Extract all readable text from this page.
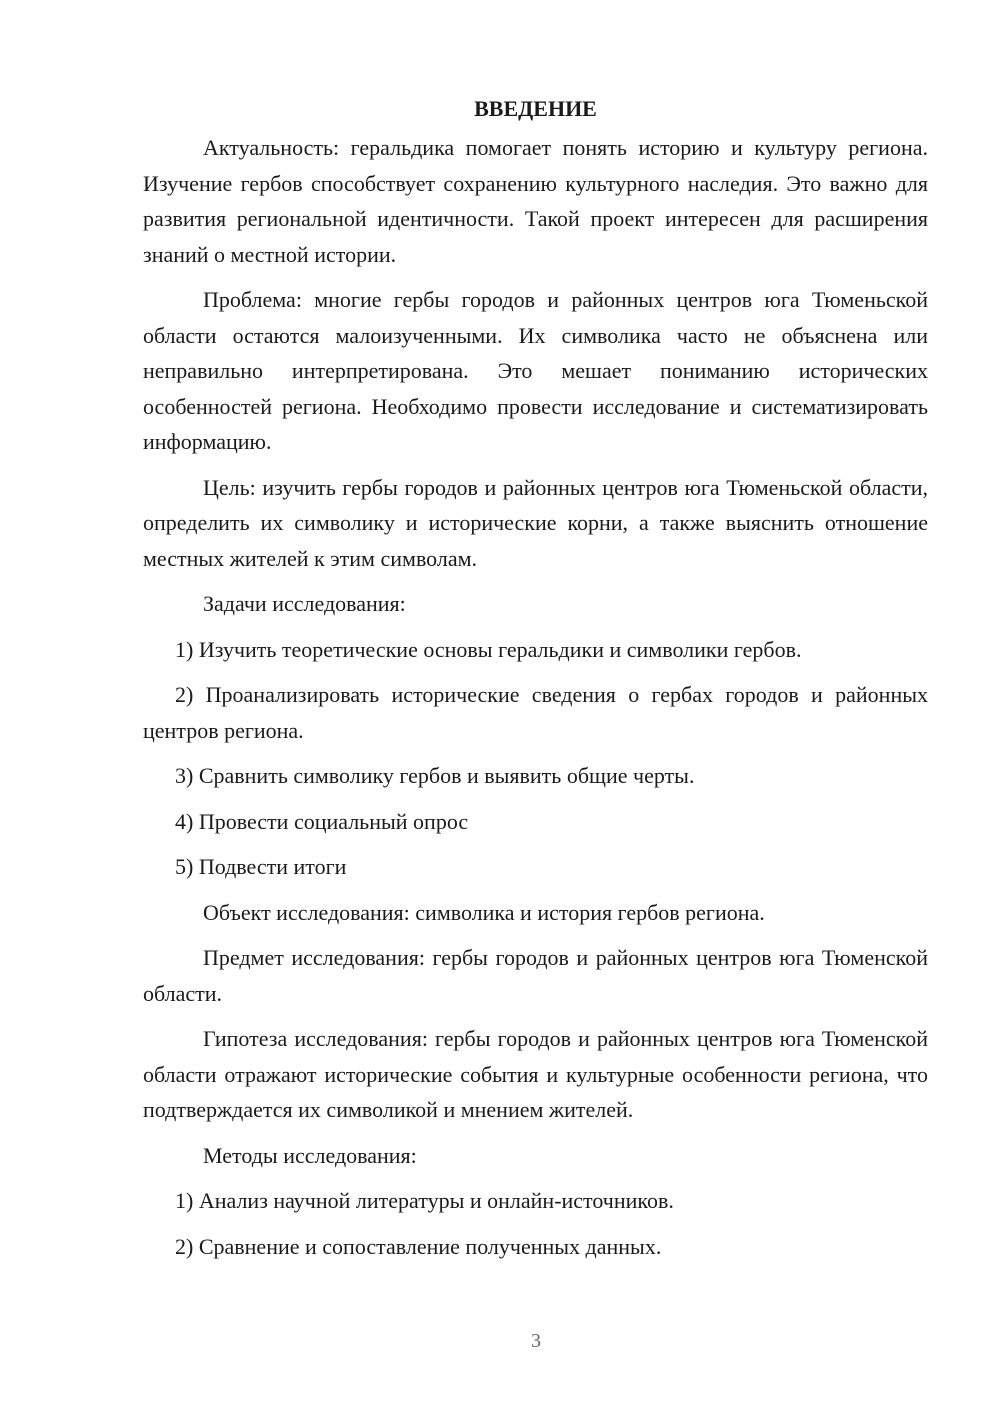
ВВЕДЕНИЕ

Актуальность: геральдика помогает понять историю и культуру региона. Изучение гербов способствует сохранению культурного наследия. Это важно для развития региональной идентичности. Такой проект интересен для расширения знаний о местной истории.

Проблема: многие гербы городов и районных центров юга Тюменьской области остаются малоизученными. Их символика часто не объяснена или неправильно интерпретирована. Это мешает пониманию исторических особенностей региона. Необходимо провести исследование и систематизировать информацию.

Цель: изучить гербы городов и районных центров юга Тюменьской области, определить их символику и исторические корни, а также выяснить отношение местных жителей к этим символам.

Задачи исследования:

1) Изучить теоретические основы геральдики и символики гербов.

2) Проанализировать исторические сведения о гербах городов и районных центров региона.

3) Сравнить символику гербов и выявить общие черты.

4) Провести социальный опрос

5) Подвести итоги

Объект исследования: символика и история гербов региона.

Предмет исследования: гербы городов и районных центров юга Тюменской области.

Гипотеза исследования: гербы городов и районных центров юга Тюменской области отражают исторические события и культурные особенности региона, что подтверждается их символикой и мнением жителей.

Методы исследования:

1) Анализ научной литературы и онлайн-источников.

2) Сравнение и сопоставление полученных данных.

3
